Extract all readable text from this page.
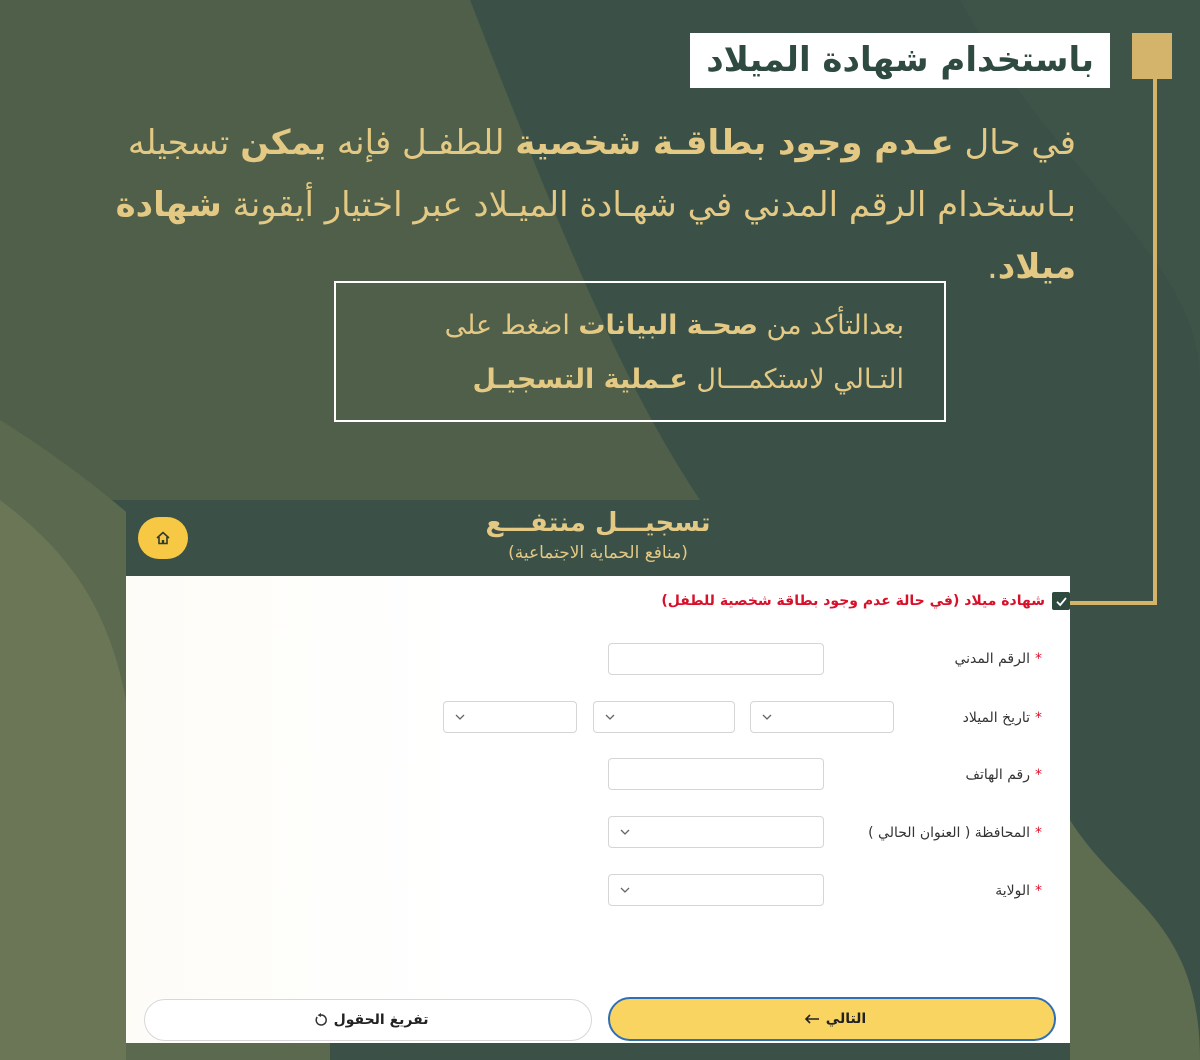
باستخدام شهادة الميلاد
في حال عـدم وجود بطاقـة شخصية للطفـل فإنه يمكن تسجيله بـاستخدام الرقم المدني في شهـادة الميـلاد عبر اختيار أيقونة شهادة ميلاد.
بعدالتأكد من صحـة البيانات اضغط على
التـالي لاستكمـــال عـملية التسجيـل
تسجيـــل منتفـــع
(منافع الحماية الاجتماعية)
شهادة ميلاد (في حالة عدم وجود بطاقة شخصية للطفل)
*الرقم المدني
*تاريخ الميلاد
*رقم الهاتف
*المحافظة ( العنوان الحالي )
*الولاية
التالي
تفريغ الحقول
